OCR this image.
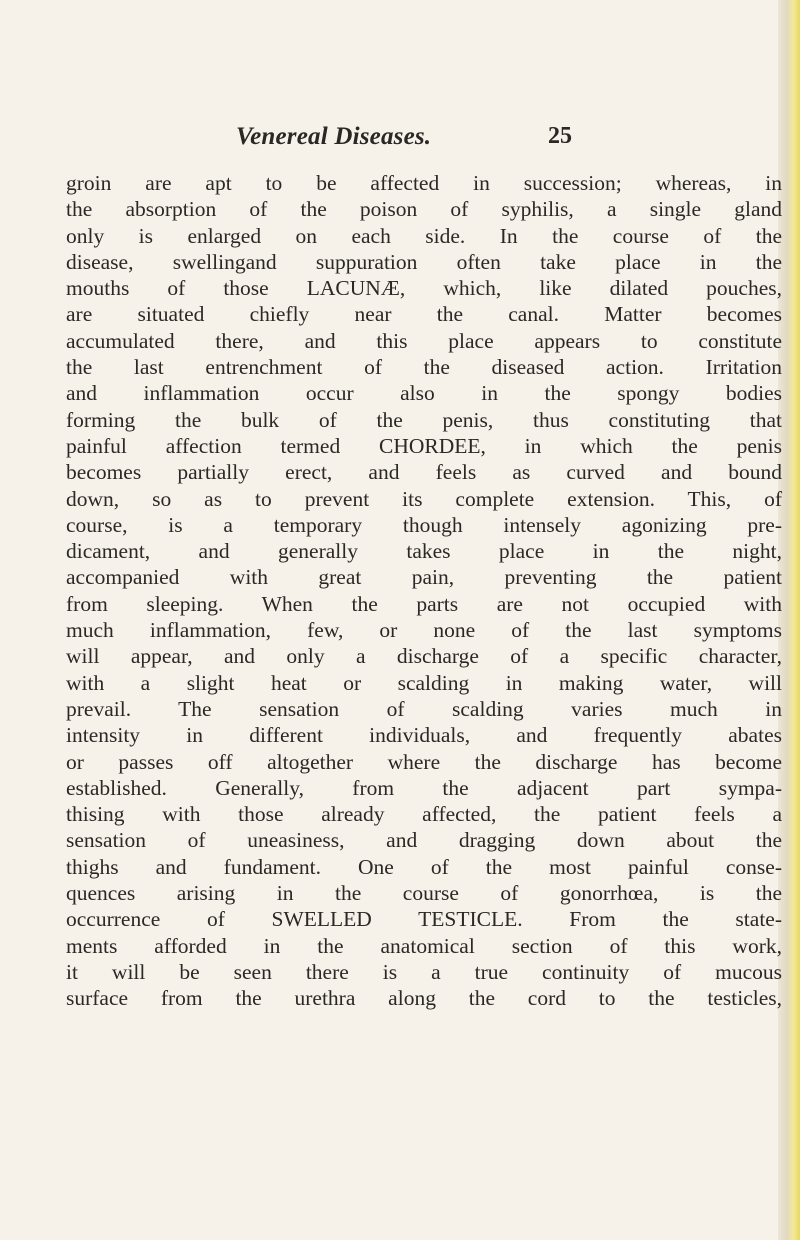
Venereal Diseases.	25
groin are apt to be affected in succession; whereas, in
the absorption of the poison of syphilis, a single gland
only is enlarged on each side. In the course of the
disease, swellingand suppuration often take place in the
mouths of those LACUNÆ, which, like dilated pouches,
are situated chiefly near the canal. Matter becomes
accumulated there, and this place appears to constitute
the last entrenchment of the diseased action. Irritation
and inflammation occur also in the spongy bodies
forming the bulk of the penis, thus constituting that
painful affection termed CHORDEE, in which the penis
becomes partially erect, and feels as curved and bound
down, so as to prevent its complete extension. This, of
course, is a temporary though intensely agonizing pre-
dicament, and generally takes place in the night,
accompanied with great pain, preventing the patient
from sleeping. When the parts are not occupied with
much inflammation, few, or none of the last symptoms
will appear, and only a discharge of a specific character,
with a slight heat or scalding in making water, will
prevail. The sensation of scalding varies much in
intensity in different individuals, and frequently abates
or passes off altogether where the discharge has become
established. Generally, from the adjacent part sympa-
thising with those already affected, the patient feels a
sensation of uneasiness, and dragging down about the
thighs and fundament. One of the most painful conse-
quences arising in the course of gonorrhœa, is the
occurrence of SWELLED TESTICLE. From the state-
ments afforded in the anatomical section of this work,
it will be seen there is a true continuity of mucous
surface from the urethra along the cord to the testicles,
